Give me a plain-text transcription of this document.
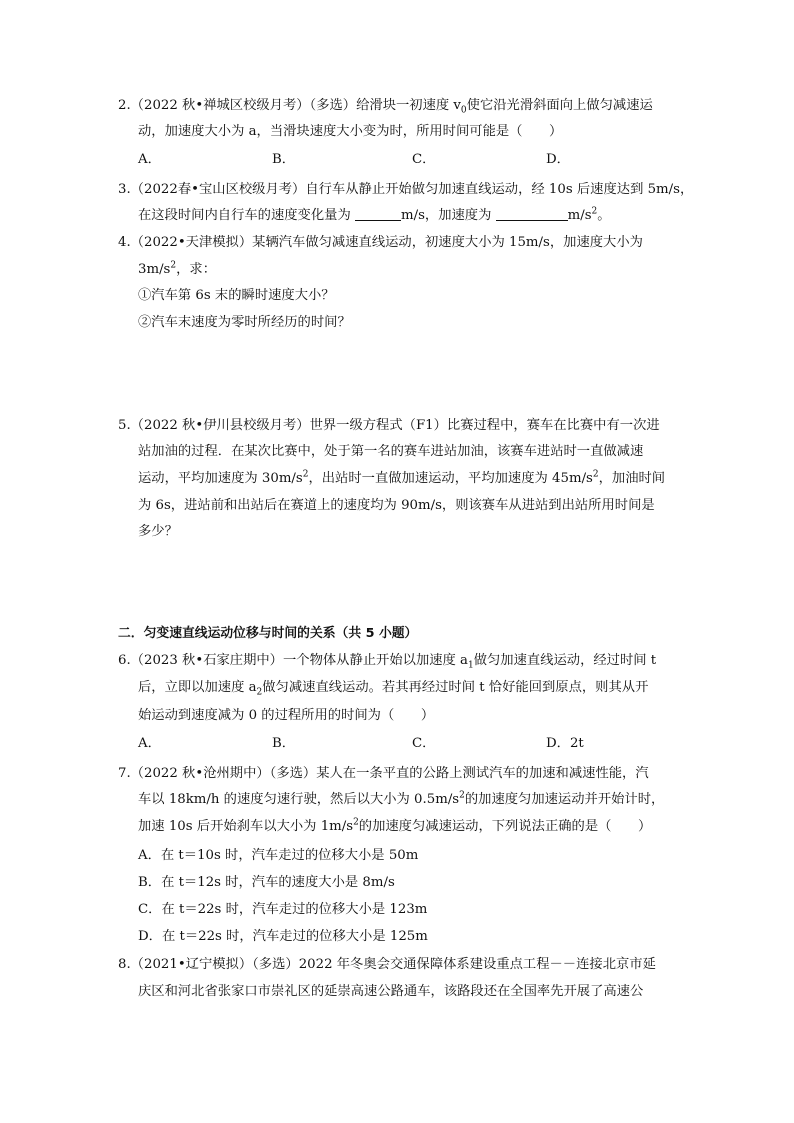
2.（2022 秋•禅城区校级月考）（多选）给滑块一初速度 $v_0$使它沿光滑斜面向上做匀减速运
动，加速度大小为 a，当滑块速度大小变为时，所用时间可能是（　　）
A．	B．	C．	D．
3.（2022春•宝山区校级月考）自行车从静止开始做匀加速直线运动，经 10s 后速度达到 5m/s，
在这段时间内自行车的速度变化量为	m/s，加速度为	$m/s^2$。
4.（2022•天津模拟）某辆汽车做匀减速直线运动，初速度大小为 15m/s，加速度大小为
$3m/s^2$，求：
①汽车第 6s 末的瞬时速度大小？
②汽车末速度为零时所经历的时间？
5.（2022 秋•伊川县校级月考）世界一级方程式（F1）比赛过程中，赛车在比赛中有一次进
站加油的过程．在某次比赛中，处于第一名的赛车进站加油，该赛车进站时一直做减速
运动，平均加速度为 $30m/s^2$，出站时一直做加速运动，平均加速度为 $45m/s^2$，加油时间
为 6s，进站前和出站后在赛道上的速度均为 90m/s，则该赛车从进站到出站所用时间是
多少？
二．匀变速直线运动位移与时间的关系（共 5 小题）
6.（2023 秋•石家庄期中）一个物体从静止开始以加速度 $a_1$做匀加速直线运动，经过时间 t
后，立即以加速度 $a_2$做匀减速直线运动。若其再经过时间 t 恰好能回到原点，则其从开
始运动到速度减为 0 的过程所用的时间为（　　）
A．	B．	C．	D．2t
7.（2022 秋•沧州期中）（多选）某人在一条平直的公路上测试汽车的加速和减速性能，汽
车以 18km/h 的速度匀速行驶，然后以大小为 $0.5m/s^2$的加速度匀加速运动并开始计时，
加速 10s 后开始刹车以大小为 $1m/s^2$的加速度匀减速运动，下列说法正确的是（　　）
A．在 t＝10s 时，汽车走过的位移大小是 50m
B．在 t＝12s 时，汽车的速度大小是 8m/s
C．在 t＝22s 时，汽车走过的位移大小是 123m
D．在 t＝22s 时，汽车走过的位移大小是 125m
8.（2021•辽宁模拟）（多选）2022 年冬奥会交通保障体系建设重点工程－－连接北京市延
庆区和河北省张家口市崇礼区的延崇高速公路通车，该路段还在全国率先开展了高速公
